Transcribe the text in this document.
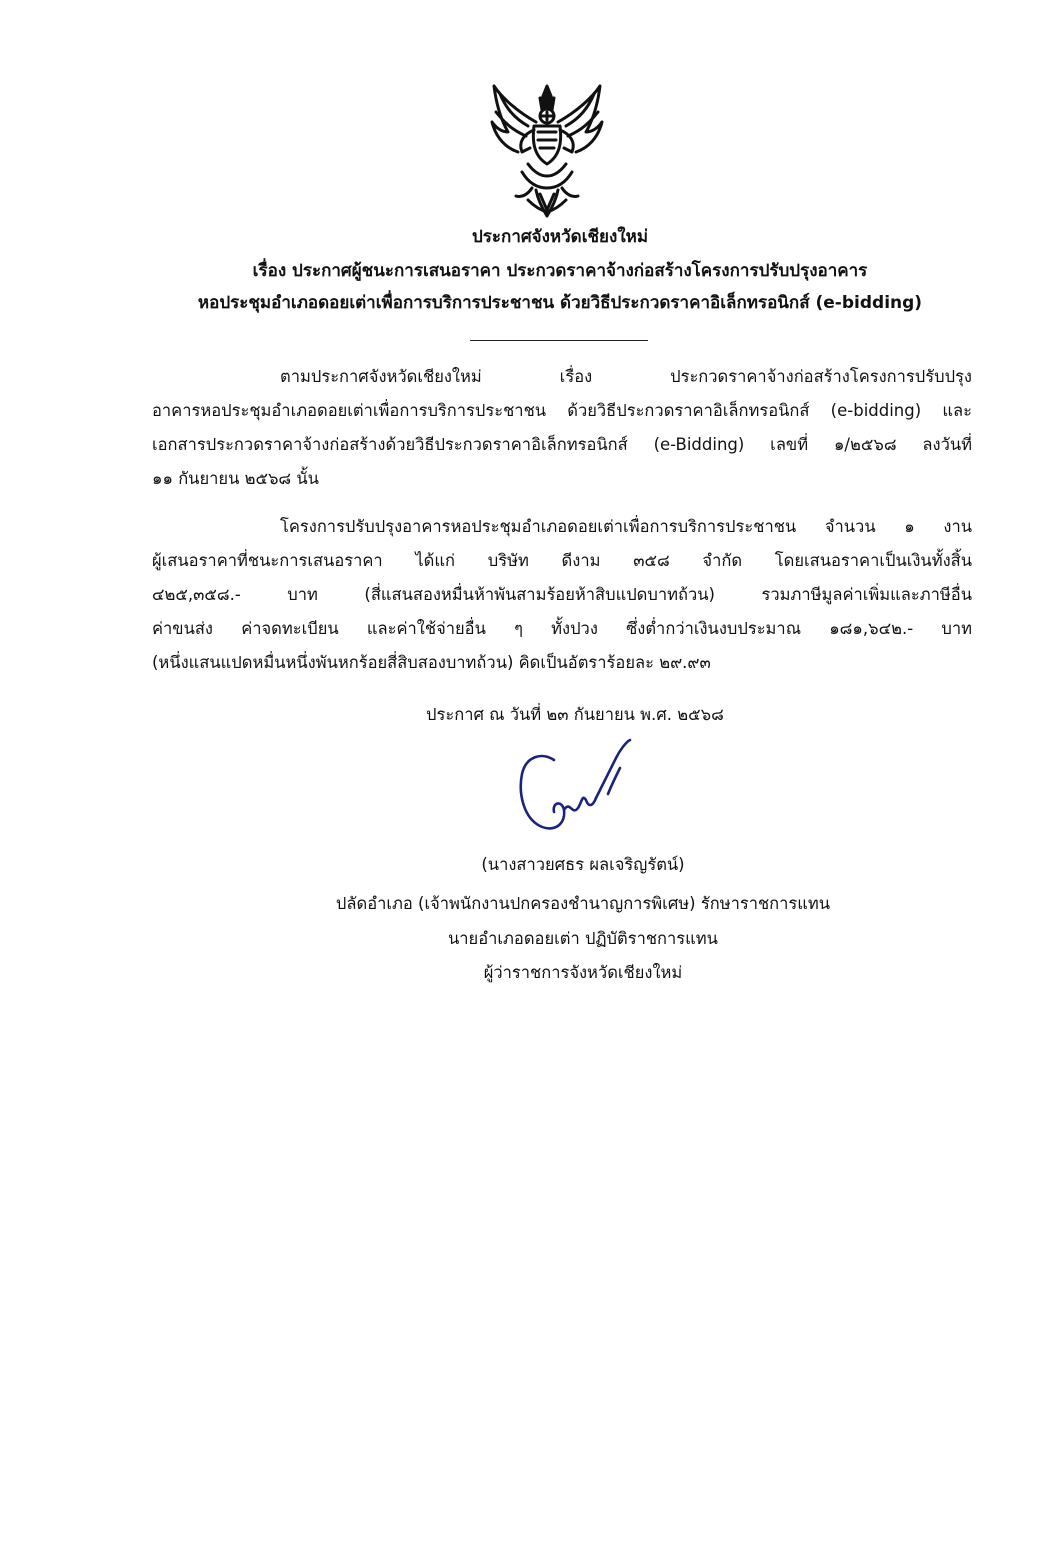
ประกาศจังหวัดเชียงใหม่
เรื่อง ประกาศผู้ชนะการเสนอราคา ประกวดราคาจ้างก่อสร้างโครงการปรับปรุงอาคาร
หอประชุมอำเภอดอยเต่าเพื่อการบริการประชาชน ด้วยวิธีประกวดราคาอิเล็กทรอนิกส์ (e-bidding)
ตามประกาศจังหวัดเชียงใหม่ เรื่อง ประกวดราคาจ้างก่อสร้างโครงการปรับปรุง
อาคารหอประชุมอำเภอดอยเต่าเพื่อการบริการประชาชน ด้วยวิธีประกวดราคาอิเล็กทรอนิกส์ (e-bidding) และ
เอกสารประกวดราคาจ้างก่อสร้างด้วยวิธีประกวดราคาอิเล็กทรอนิกส์ (e-Bidding) เลขที่ ๑/๒๕๖๘ ลงวันที่
๑๑ กันยายน ๒๕๖๘ นั้น
โครงการปรับปรุงอาคารหอประชุมอำเภอดอยเต่าเพื่อการบริการประชาชน จำนวน ๑ งาน
ผู้เสนอราคาที่ชนะการเสนอราคา ได้แก่ บริษัท ดีงาม ๓๕๘ จำกัด โดยเสนอราคาเป็นเงินทั้งสิ้น
๔๒๕,๓๕๘.- บาท (สี่แสนสองหมื่นห้าพันสามร้อยห้าสิบแปดบาทถ้วน) รวมภาษีมูลค่าเพิ่มและภาษีอื่น
ค่าขนส่ง ค่าจดทะเบียน และค่าใช้จ่ายอื่น ๆ ทั้งปวง ซึ่งต่ำกว่าเงินงบประมาณ ๑๘๑,๖๔๒.- บาท
(หนึ่งแสนแปดหมื่นหนึ่งพันหกร้อยสี่สิบสองบาทถ้วน) คิดเป็นอัตราร้อยละ ๒๙.๙๓
ประกาศ ณ วันที่ ๒๓ กันยายน พ.ศ. ๒๕๖๘
(นางสาวยศธร ผลเจริญรัตน์)
ปลัดอำเภอ (เจ้าพนักงานปกครองชำนาญการพิเศษ) รักษาราชการแทน
นายอำเภอดอยเต่า ปฏิบัติราชการแทน
ผู้ว่าราชการจังหวัดเชียงใหม่
